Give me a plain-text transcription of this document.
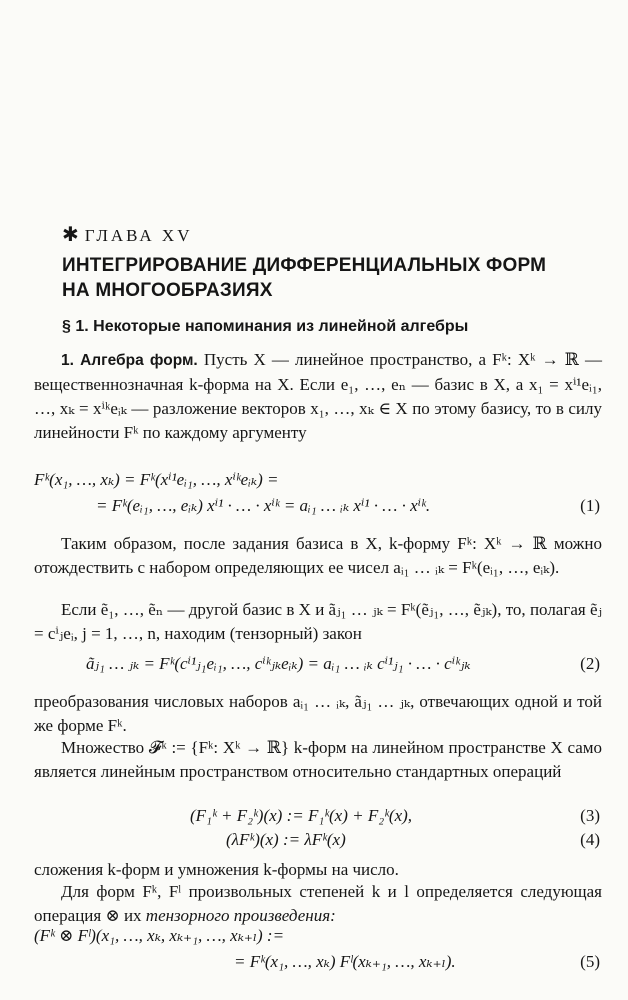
✱ ГЛАВА XV
ИНТЕГРИРОВАНИЕ ДИФФЕРЕНЦИАЛЬНЫХ ФОРМ
НА МНОГООБРАЗИЯХ
§ 1. Некоторые напоминания из линейной алгебры
1. Алгебра форм. Пусть X — линейное пространство, а Fᵏ: Xᵏ → ℝ — вещественнозначная k-форма на X. Если e₁, …, eₙ — базис в X, а x₁ = xⁱ¹eᵢ₁, …, xₖ = xⁱᵏeᵢₖ — разложение векторов x₁, …, xₖ ∈ X по этому базису, то в силу линейности Fᵏ по каждому аргументу
Fᵏ(x₁, …, xₖ) = Fᵏ(xⁱ¹eᵢ₁, …, xⁱᵏeᵢₖ) =
= Fᵏ(eᵢ₁, …, eᵢₖ) xⁱ¹ · … · xⁱᵏ = aᵢ₁ … ᵢₖ xⁱ¹ · … · xⁱᵏ.	(1)
Таким образом, после задания базиса в X, k-форму Fᵏ: Xᵏ → ℝ можно отождествить с набором определяющих ее чисел aᵢ₁ … ᵢₖ = Fᵏ(eᵢ₁, …, eᵢₖ).
Если ẽ₁, …, ẽₙ — другой базис в X и ãⱼ₁ … ⱼₖ = Fᵏ(ẽⱼ₁, …, ẽⱼₖ), то, полагая ẽⱼ = cⁱⱼeᵢ, j = 1, …, n, находим (тензорный) закон
ãⱼ₁ … ⱼₖ = Fᵏ(cⁱ¹ⱼ₁eᵢ₁, …, cⁱᵏⱼₖeᵢₖ) = aᵢ₁ … ᵢₖ cⁱ¹ⱼ₁ · … · cⁱᵏⱼₖ	(2)
преобразования числовых наборов aᵢ₁ … ᵢₖ, ãⱼ₁ … ⱼₖ, отвечающих одной и той же форме Fᵏ.
Множество 𝓕ᵏ := {Fᵏ: Xᵏ → ℝ} k-форм на линейном пространстве X само является линейным пространством относительно стандартных операций
(F₁ᵏ + F₂ᵏ)(x) := F₁ᵏ(x) + F₂ᵏ(x),	(3)
(λFᵏ)(x) := λFᵏ(x)	(4)
сложения k-форм и умножения k-формы на число.
Для форм Fᵏ, Fˡ произвольных степеней k и l определяется следующая операция ⊗ их тензорного произведения:
(Fᵏ ⊗ Fˡ)(x₁, …, xₖ, xₖ₊₁, …, xₖ₊ₗ) :=
= Fᵏ(x₁, …, xₖ) Fˡ(xₖ₊₁, …, xₖ₊ₗ).	(5)
